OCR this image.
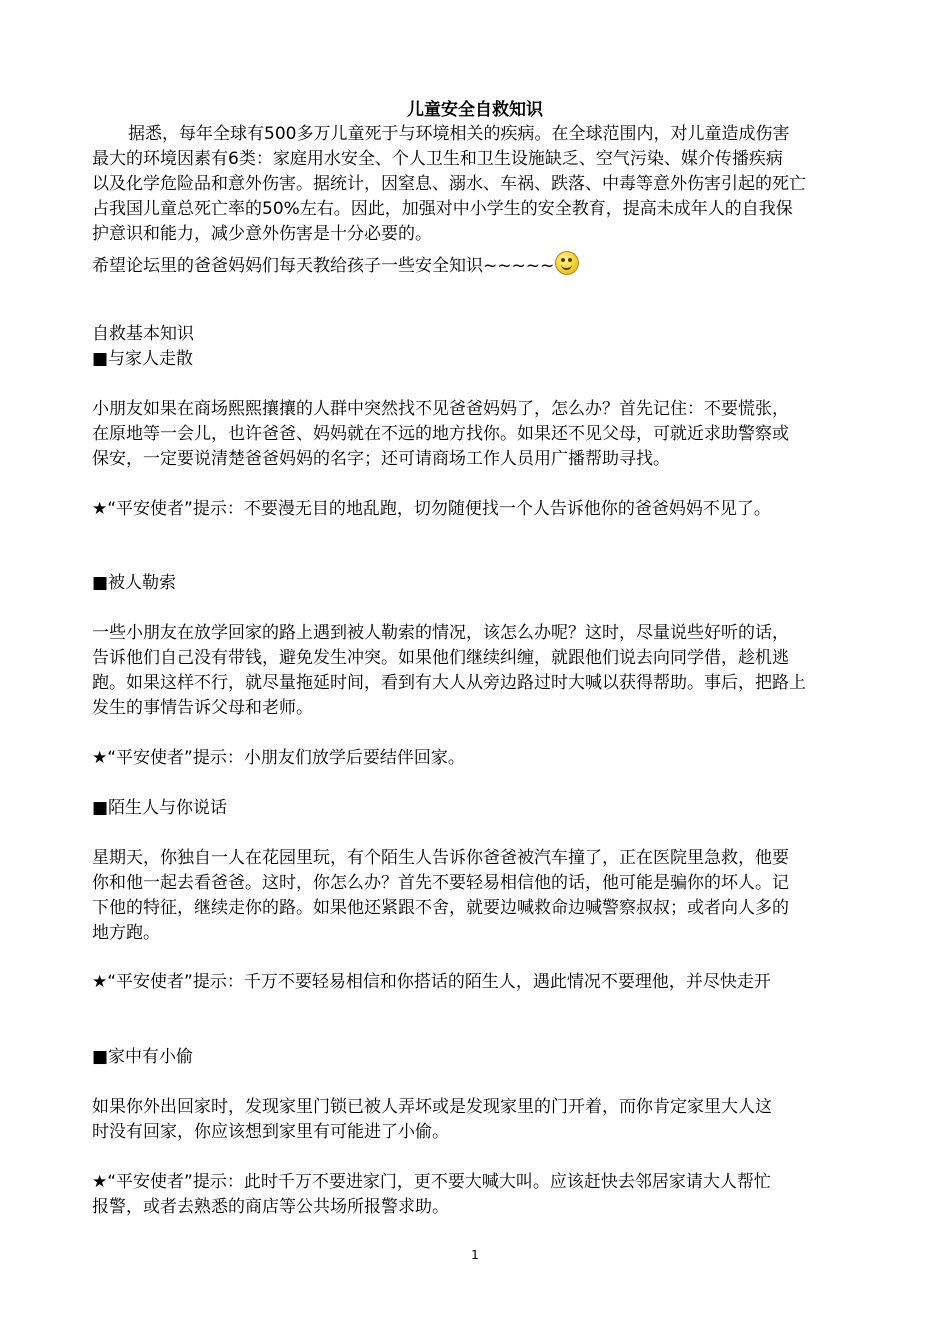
儿童安全自救知识
据悉，每年全球有500多万儿童死于与环境相关的疾病。在全球范围内，对儿童造成伤害
最大的环境因素有6类：家庭用水安全、个人卫生和卫生设施缺乏、空气污染、媒介传播疾病
以及化学危险品和意外伤害。据统计，因窒息、溺水、车祸、跌落、中毒等意外伤害引起的死亡
占我国儿童总死亡率的50%左右。因此，加强对中小学生的安全教育，提高未成年人的自我保
护意识和能力，减少意外伤害是十分必要的。
希望论坛里的爸爸妈妈们每天教给孩子一些安全知识~~~~~
自救基本知识
■与家人走散
小朋友如果在商场熙熙攘攘的人群中突然找不见爸爸妈妈了，怎么办？首先记住：不要慌张，
在原地等一会儿，也许爸爸、妈妈就在不远的地方找你。如果还不见父母，可就近求助警察或
保安，一定要说清楚爸爸妈妈的名字；还可请商场工作人员用广播帮助寻找。
★“平安使者”提示：不要漫无目的地乱跑，切勿随便找一个人告诉他你的爸爸妈妈不见了。
■被人勒索
一些小朋友在放学回家的路上遇到被人勒索的情况，该怎么办呢？这时，尽量说些好听的话，
告诉他们自己没有带钱，避免发生冲突。如果他们继续纠缠，就跟他们说去向同学借，趁机逃
跑。如果这样不行，就尽量拖延时间，看到有大人从旁边路过时大喊以获得帮助。事后，把路上
发生的事情告诉父母和老师。
★“平安使者”提示：小朋友们放学后要结伴回家。
■陌生人与你说话
星期天，你独自一人在花园里玩，有个陌生人告诉你爸爸被汽车撞了，正在医院里急救，他要
你和他一起去看爸爸。这时，你怎么办？首先不要轻易相信他的话，他可能是骗你的坏人。记
下他的特征，继续走你的路。如果他还紧跟不舍，就要边喊救命边喊警察叔叔；或者向人多的
地方跑。
★“平安使者”提示：千万不要轻易相信和你搭话的陌生人，遇此情况不要理他，并尽快走开
■家中有小偷
如果你外出回家时，发现家里门锁已被人弄坏或是发现家里的门开着，而你肯定家里大人这
时没有回家，你应该想到家里有可能进了小偷。
★“平安使者”提示：此时千万不要进家门，更不要大喊大叫。应该赶快去邻居家请大人帮忙
报警，或者去熟悉的商店等公共场所报警求助。
1
